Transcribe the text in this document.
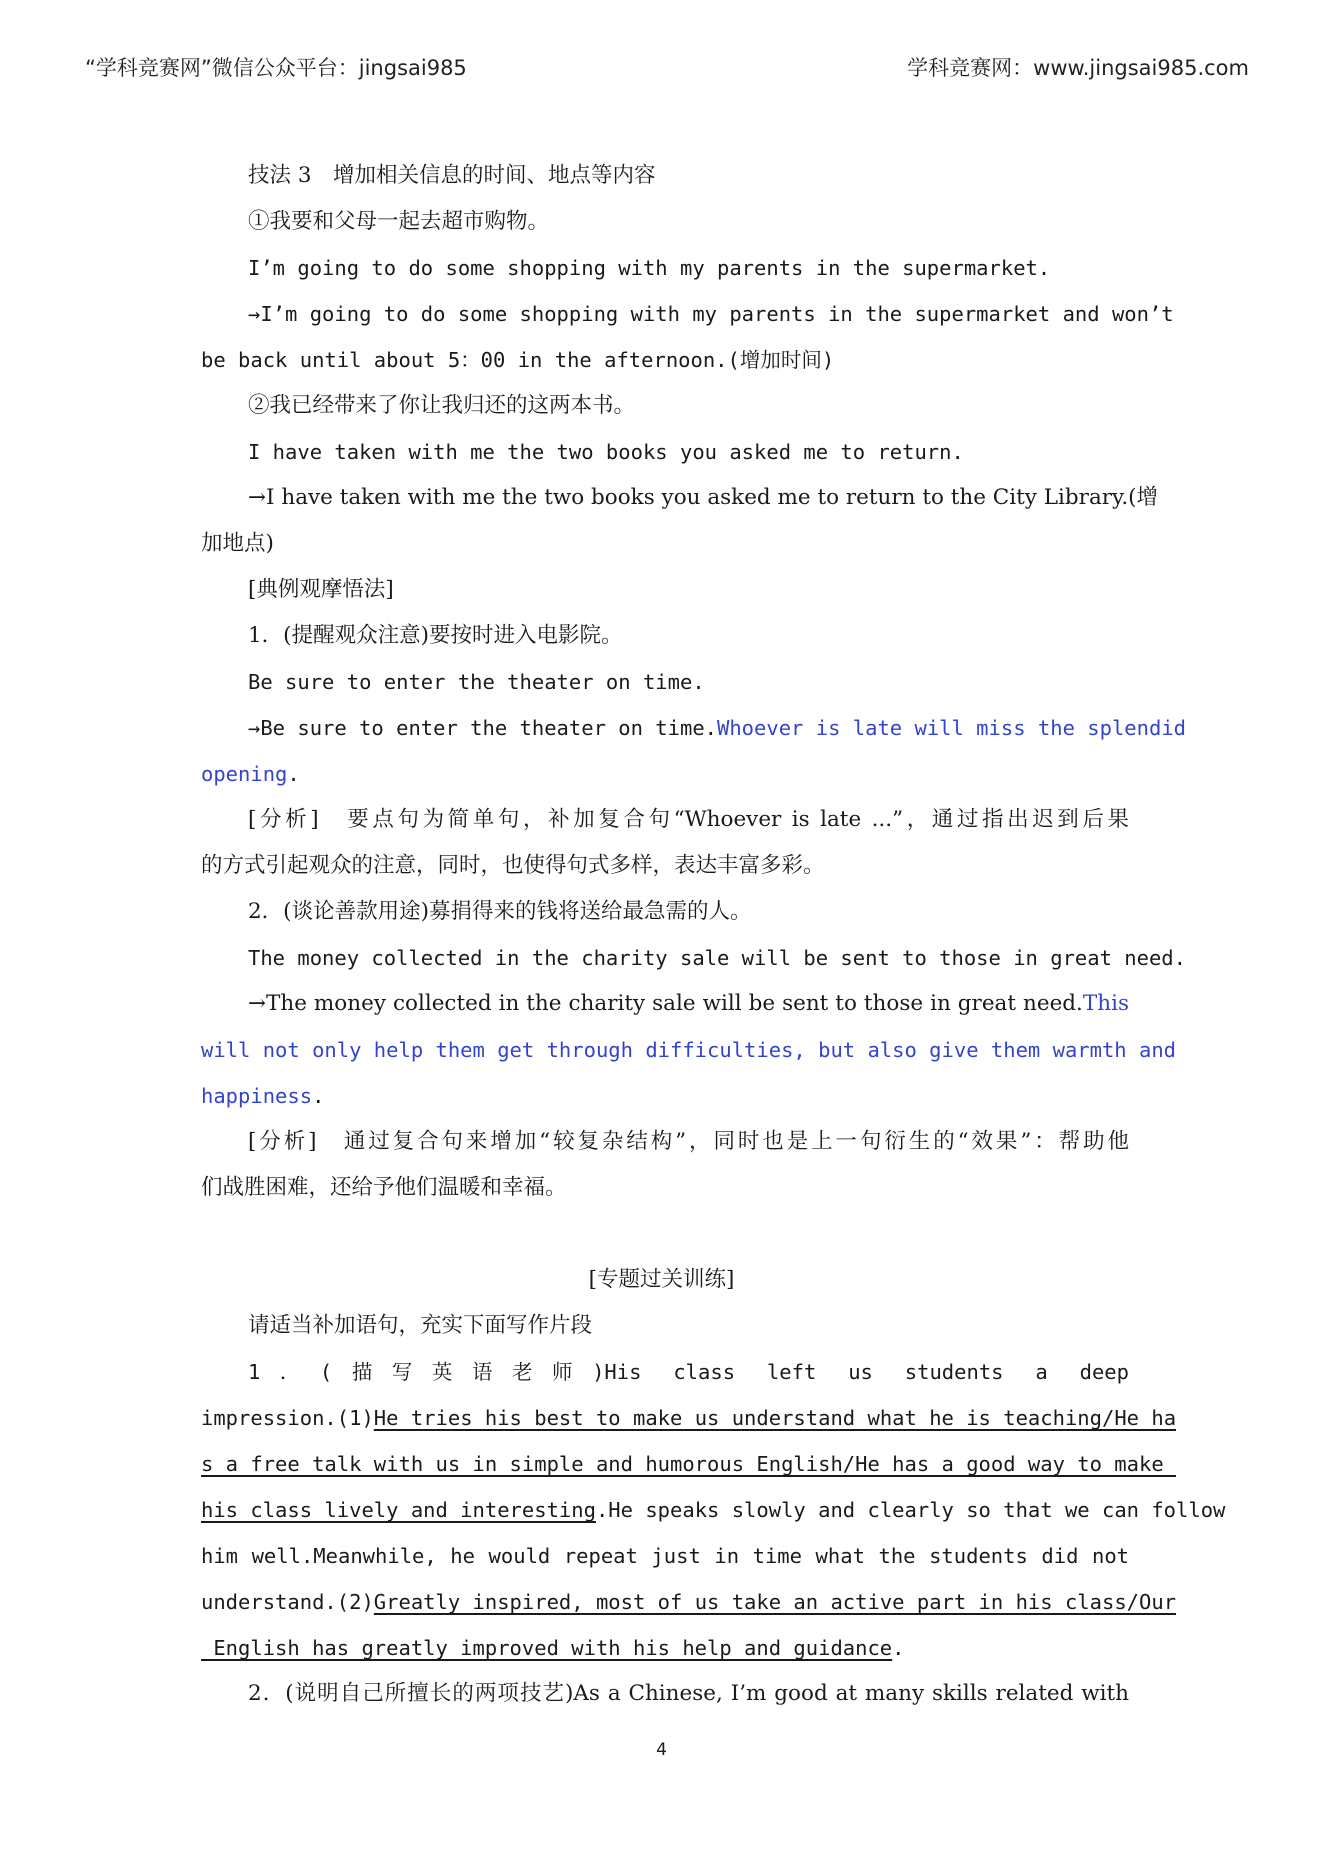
“学科竞赛网”微信公众平台：jingsai985	学科竞赛网：www.jingsai985.com
技法 3　增加相关信息的时间、地点等内容
①我要和父母一起去超市购物。
I’m going to do some shopping with my parents in the supermarket.
→I’m going to do some shopping with my parents in the supermarket and won’t
be back until about 5：00 in the afternoon.(增加时间)
②我已经带来了你让我归还的这两本书。
I have taken with me the two books you asked me to return.
→I have taken with me the two books you asked me to return to the City Library.(增
加地点)
[典例观摩悟法]
1．(提醒观众注意)要按时进入电影院。
Be sure to enter the theater on time.
→Be sure to enter the theater on time.Whoever is late will miss the splendid
opening.
[分析]　要点句为简单句，补加复合句“Whoever is late ...”，通过指出迟到后果
的方式引起观众的注意，同时，也使得句式多样，表达丰富多彩。
2．(谈论善款用途)募捐得来的钱将送给最急需的人。
The money collected in the charity sale will be sent to those in great need.
→The money collected in the charity sale will be sent to those in great need.This
will not only help them get through difficulties, but also give them warmth and
happiness.
[分析]　通过复合句来增加“较复杂结构”，同时也是上一句衍生的“效果”：帮助他
们战胜困难，还给予他们温暖和幸福。
[专题过关训练]
请适当补加语句，充实下面写作片段
1．(描写英语老师)His class left us students a deep
impression.(1)He_tries_his_best_to_make_us_understand_what_he_is_teaching/He_ha
s_a_free_talk_with_us_in_simple_and_humorous_English/He_has_a_good_way_to_make_
his_class_lively_and_interesting.He speaks slowly and clearly so that we can follow
him well.Meanwhile, he would repeat just in time what the students did not
understand.(2)Greatly_inspired,_most_of_us_take_an_active_part_in_his_class/Our
_English_has_greatly_improved_with_his_help_and_guidance.
2．(说明自己所擅长的两项技艺)As a Chinese, I’m good at many skills related with
4
